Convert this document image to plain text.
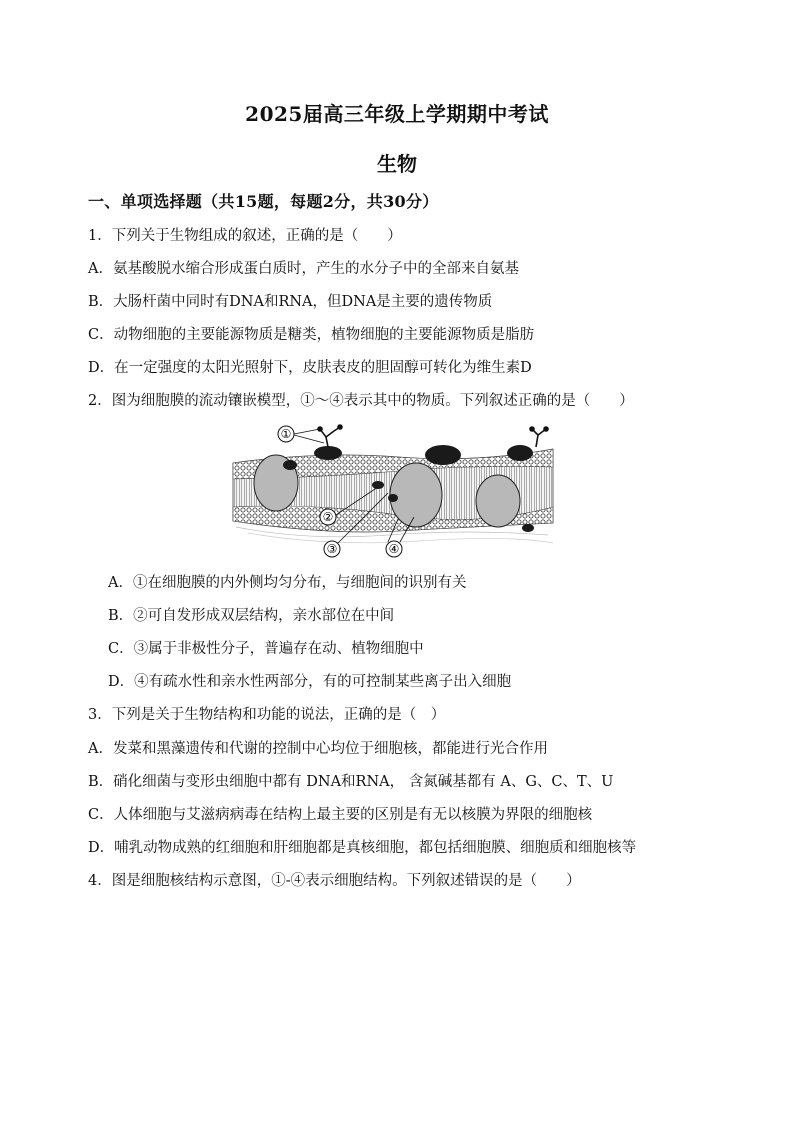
2025届高三年级上学期期中考试
生物
一、单项选择题（共15题，每题2分，共30分）
1．下列关于生物组成的叙述，正确的是（　　）
A．氨基酸脱水缩合形成蛋白质时，产生的水分子中的全部来自氨基
B．大肠杆菌中同时有DNA和RNA，但DNA是主要的遗传物质
C．动物细胞的主要能源物质是糖类，植物细胞的主要能源物质是脂肪
D．在一定强度的太阳光照射下，皮肤表皮的胆固醇可转化为维生素D
2．图为细胞膜的流动镶嵌模型，①～④表示其中的物质。下列叙述正确的是（　　）
①
②
③	④
A．①在细胞膜的内外侧均匀分布，与细胞间的识别有关
B．②可自发形成双层结构，亲水部位在中间
C．③属于非极性分子，普遍存在动、植物细胞中
D．④有疏水性和亲水性两部分，有的可控制某些离子出入细胞
3．下列是关于生物结构和功能的说法，正确的是（　）
A．发菜和黑藻遗传和代谢的控制中心均位于细胞核，都能进行光合作用
B．硝化细菌与变形虫细胞中都有 DNA和RNA， 含氮碱基都有 A、G、C、T、U
C．人体细胞与艾滋病病毒在结构上最主要的区别是有无以核膜为界限的细胞核
D．哺乳动物成熟的红细胞和肝细胞都是真核细胞，都包括细胞膜、细胞质和细胞核等
4．图是细胞核结构示意图，①-④表示细胞结构。下列叙述错误的是（　　）
